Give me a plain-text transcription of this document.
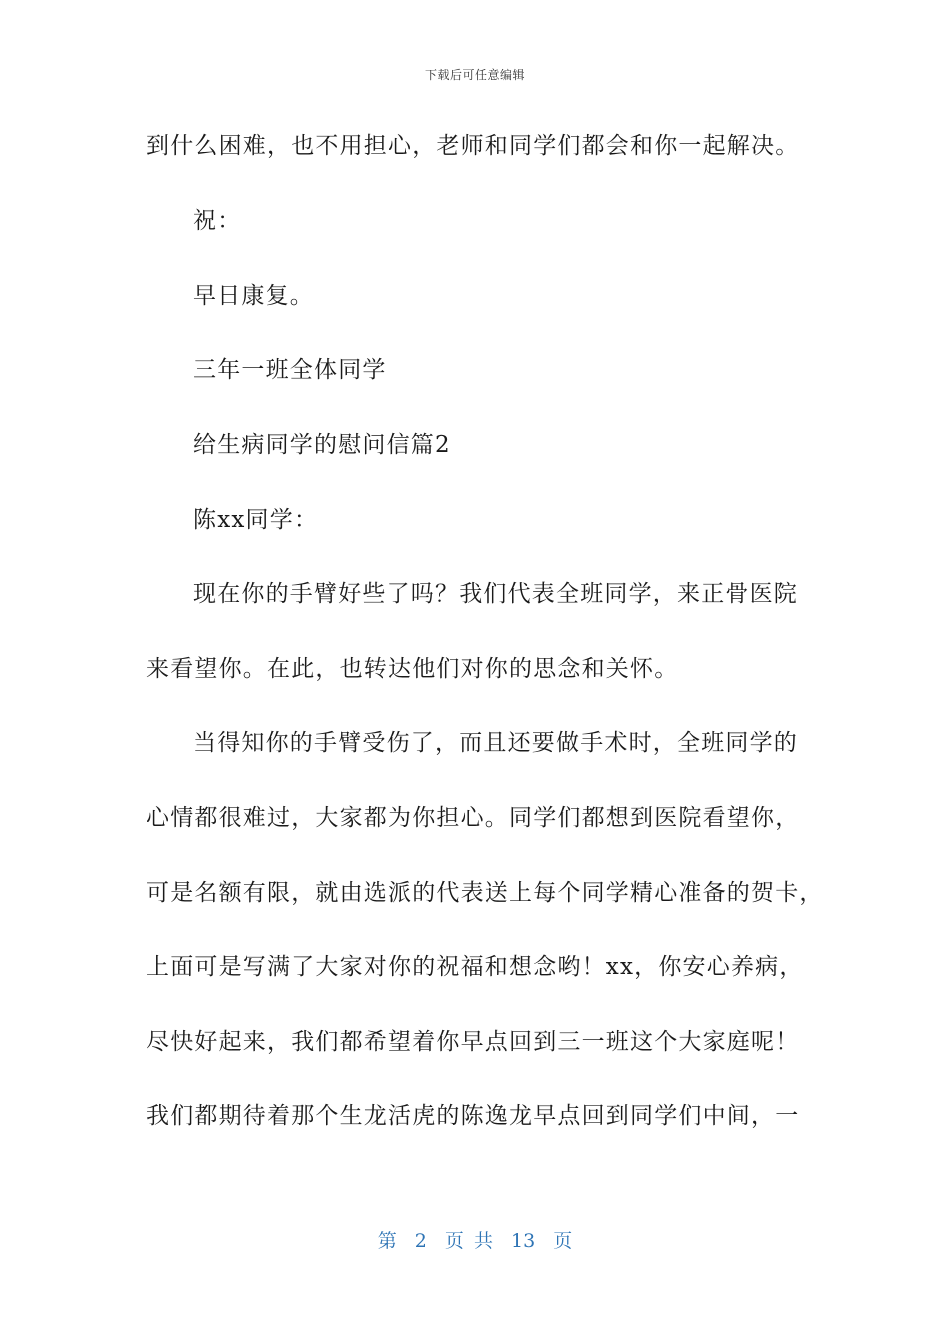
下载后可任意编辑
到什么困难，也不用担心，老师和同学们都会和你一起解决。
祝：
早日康复。
三年一班全体同学
给生病同学的慰问信篇2
陈xx同学：
现在你的手臂好些了吗？我们代表全班同学，来正骨医院
来看望你。在此，也转达他们对你的思念和关怀。
当得知你的手臂受伤了，而且还要做手术时，全班同学的
心情都很难过，大家都为你担心。同学们都想到医院看望你，
可是名额有限，就由选派的代表送上每个同学精心准备的贺卡，
上面可是写满了大家对你的祝福和想念哟！xx，你安心养病，
尽快好起来，我们都希望着你早点回到三一班这个大家庭呢！
我们都期待着那个生龙活虎的陈逸龙早点回到同学们中间，一
第 2 页 共 13 页
